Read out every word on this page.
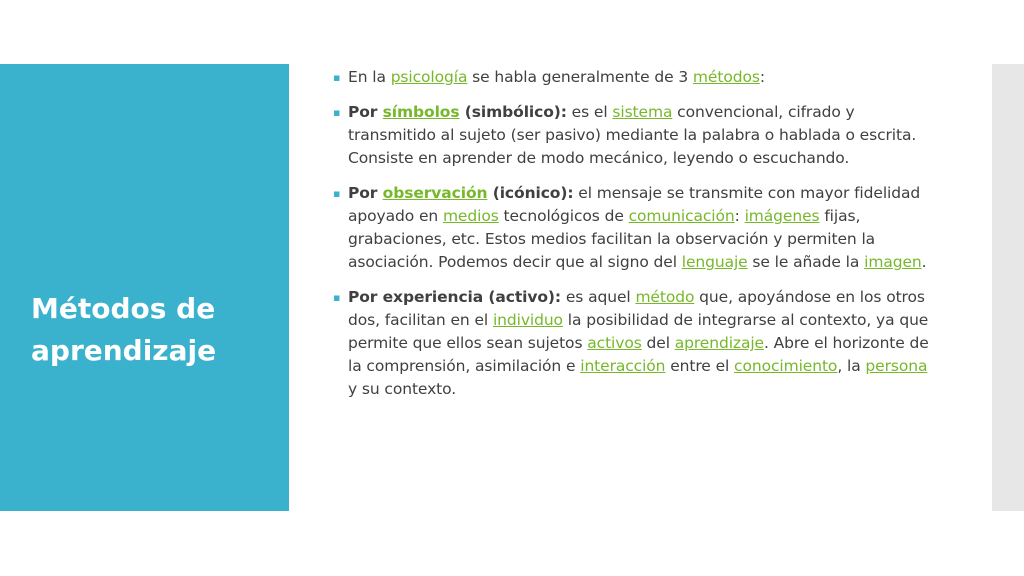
Métodos de aprendizaje
▪ En la psicología se habla generalmente de 3 métodos:
▪ Por símbolos (simbólico): es el sistema convencional, cifrado y transmitido al sujeto (ser pasivo) mediante la palabra o hablada o escrita. Consiste en aprender de modo mecánico, leyendo o escuchando.
▪ Por observación (icónico): el mensaje se transmite con mayor fidelidad apoyado en medios tecnológicos de comunicación: imágenes fijas, grabaciones, etc. Estos medios facilitan la observación y permiten la asociación. Podemos decir que al signo del lenguaje se le añade la imagen.
▪ Por experiencia (activo): es aquel método que, apoyándose en los otros dos, facilitan en el individuo la posibilidad de integrarse al contexto, ya que permite que ellos sean sujetos activos del aprendizaje. Abre el horizonte de la comprensión, asimilación e interacción entre el conocimiento, la persona y su contexto.
